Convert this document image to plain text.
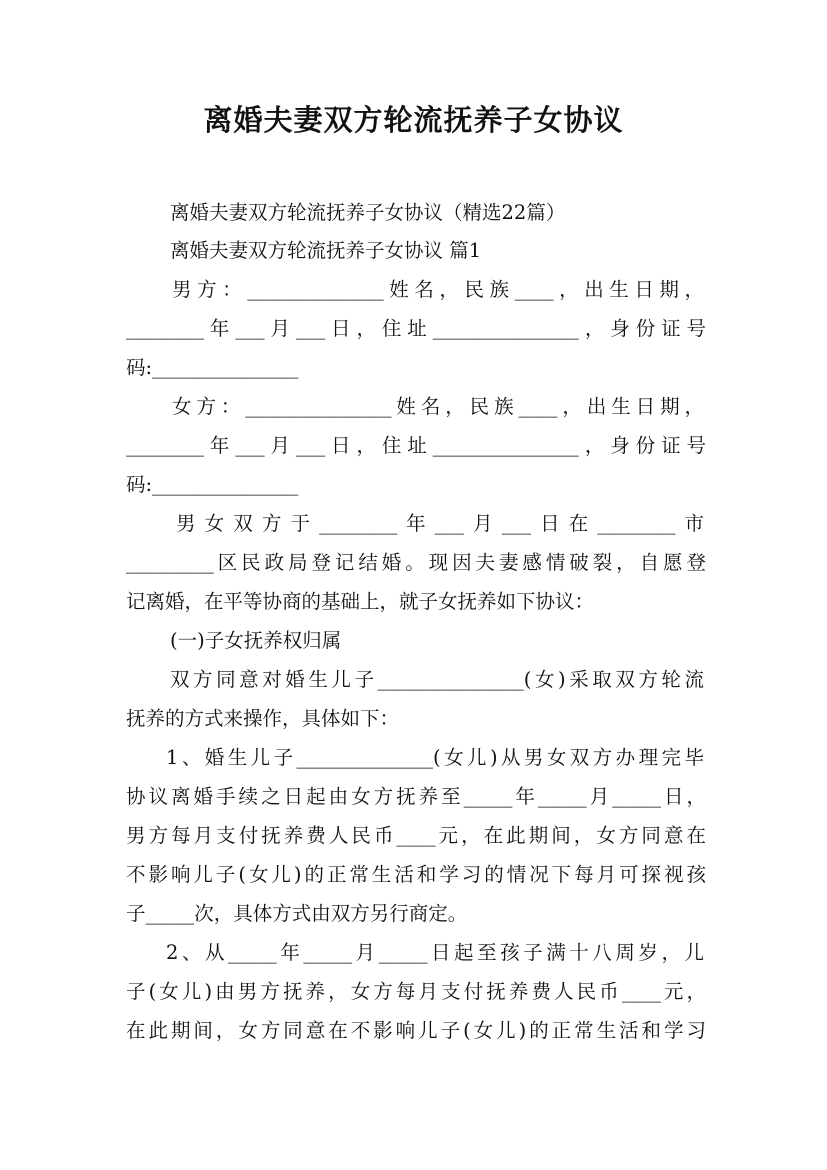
离婚夫妻双方轮流抚养子女协议

离婚夫妻双方轮流抚养子女协议（精选22篇）

离婚夫妻双方轮流抚养子女协议 篇1

男方：______________姓名，民族____，出生日期，

________年___月___日，住址_______________，身份证号

码:_______________

女方：_______________姓名，民族____，出生日期，

________年___月___日，住址_______________，身份证号

码:_______________

男女双方于________年___月___日在________市

_________区民政局登记结婚。现因夫妻感情破裂，自愿登

记离婚，在平等协商的基础上，就子女抚养如下协议：

(一)子女抚养权归属

双方同意对婚生儿子_______________(女)采取双方轮流

抚养的方式来操作，具体如下：

1、婚生儿子______________(女儿)从男女双方办理完毕

协议离婚手续之日起由女方抚养至_____年_____月_____日，

男方每月支付抚养费人民币____元，在此期间，女方同意在

不影响儿子(女儿)的正常生活和学习的情况下每月可探视孩

子_____次，具体方式由双方另行商定。

2、从_____年_____月_____日起至孩子满十八周岁，儿

子(女儿)由男方抚养，女方每月支付抚养费人民币____元，

在此期间，女方同意在不影响儿子(女儿)的正常生活和学习
